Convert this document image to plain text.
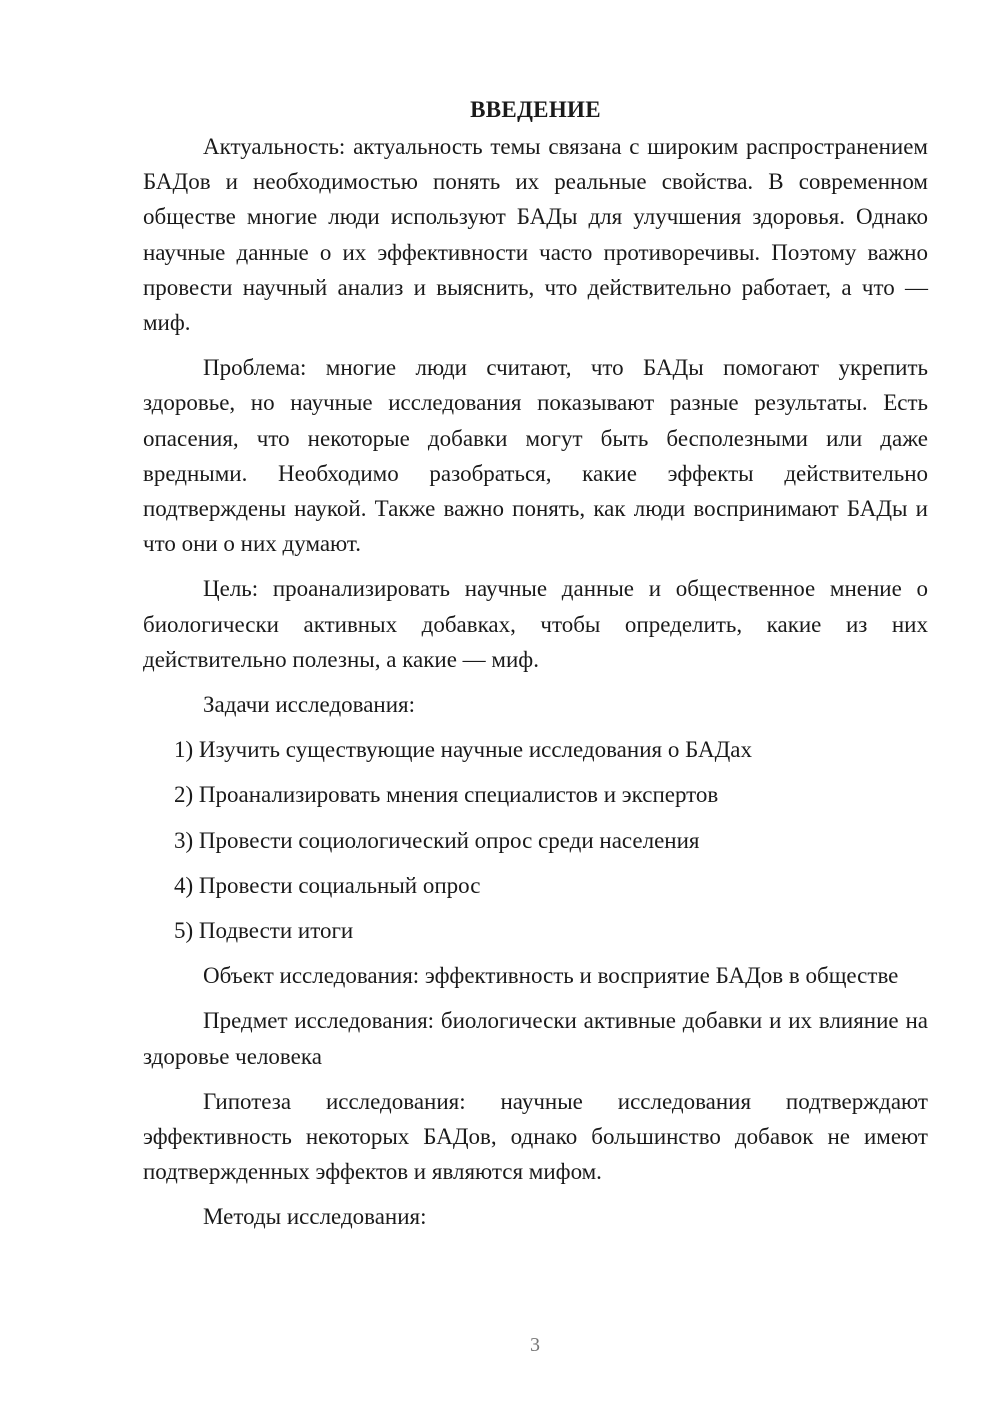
ВВЕДЕНИЕ

Актуальность: актуальность темы связана с широким распространением БАДов и необходимостью понять их реальные свойства. В современном обществе многие люди используют БАДы для улучшения здоровья. Однако научные данные о их эффективности часто противоречивы. Поэтому важно провести научный анализ и выяснить, что действительно работает, а что — миф.

Проблема: многие люди считают, что БАДы помогают укрепить здоровье, но научные исследования показывают разные результаты. Есть опасения, что некоторые добавки могут быть бесполезными или даже вредными. Необходимо разобраться, какие эффекты действительно подтверждены наукой. Также важно понять, как люди воспринимают БАДы и что они о них думают.

Цель: проанализировать научные данные и общественное мнение о биологически активных добавках, чтобы определить, какие из них действительно полезны, а какие — миф.

Задачи исследования:

1) Изучить существующие научные исследования о БАДах

2) Проанализировать мнения специалистов и экспертов

3) Провести социологический опрос среди населения

4) Провести социальный опрос

5) Подвести итоги

Объект исследования: эффективность и восприятие БАДов в обществе

Предмет исследования: биологически активные добавки и их влияние на здоровье человека

Гипотеза исследования: научные исследования подтверждают эффективность некоторых БАДов, однако большинство добавок не имеют подтвержденных эффектов и являются мифом.

Методы исследования:

3
